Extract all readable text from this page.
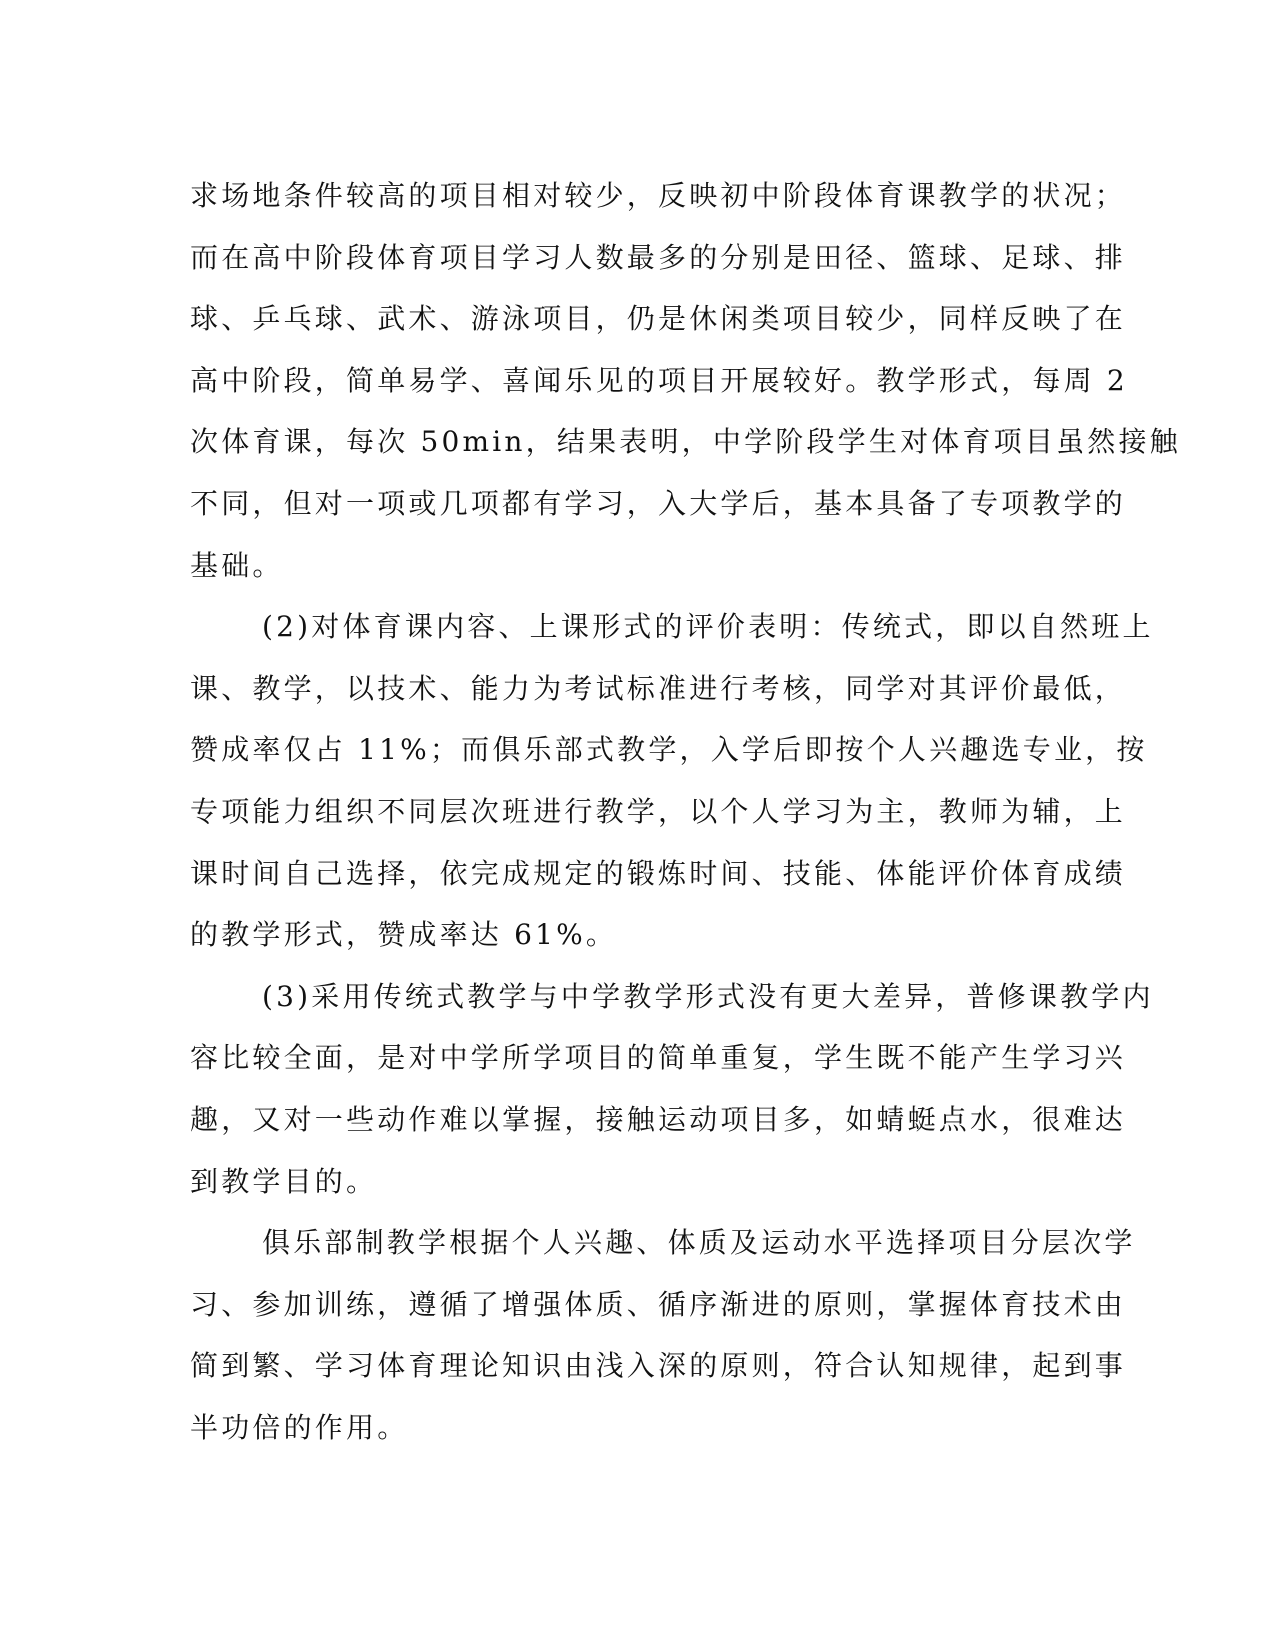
求场地条件较高的项目相对较少，反映初中阶段体育课教学的状况；
而在高中阶段体育项目学习人数最多的分别是田径、篮球、足球、排
球、乒乓球、武术、游泳项目，仍是休闲类项目较少，同样反映了在
高中阶段，简单易学、喜闻乐见的项目开展较好。教学形式，每周 2
次体育课，每次 50min，结果表明，中学阶段学生对体育项目虽然接触
不同，但对一项或几项都有学习，入大学后，基本具备了专项教学的
基础。
(2)对体育课内容、上课形式的评价表明：传统式，即以自然班上
课、教学，以技术、能力为考试标准进行考核，同学对其评价最低，
赞成率仅占 11%；而俱乐部式教学，入学后即按个人兴趣选专业，按
专项能力组织不同层次班进行教学，以个人学习为主，教师为辅，上
课时间自己选择，依完成规定的锻炼时间、技能、体能评价体育成绩
的教学形式，赞成率达 61%。
(3)采用传统式教学与中学教学形式没有更大差异，普修课教学内
容比较全面，是对中学所学项目的简单重复，学生既不能产生学习兴
趣，又对一些动作难以掌握，接触运动项目多，如蜻蜓点水，很难达
到教学目的。
俱乐部制教学根据个人兴趣、体质及运动水平选择项目分层次学
习、参加训练，遵循了增强体质、循序渐进的原则，掌握体育技术由
简到繁、学习体育理论知识由浅入深的原则，符合认知规律，起到事
半功倍的作用。
